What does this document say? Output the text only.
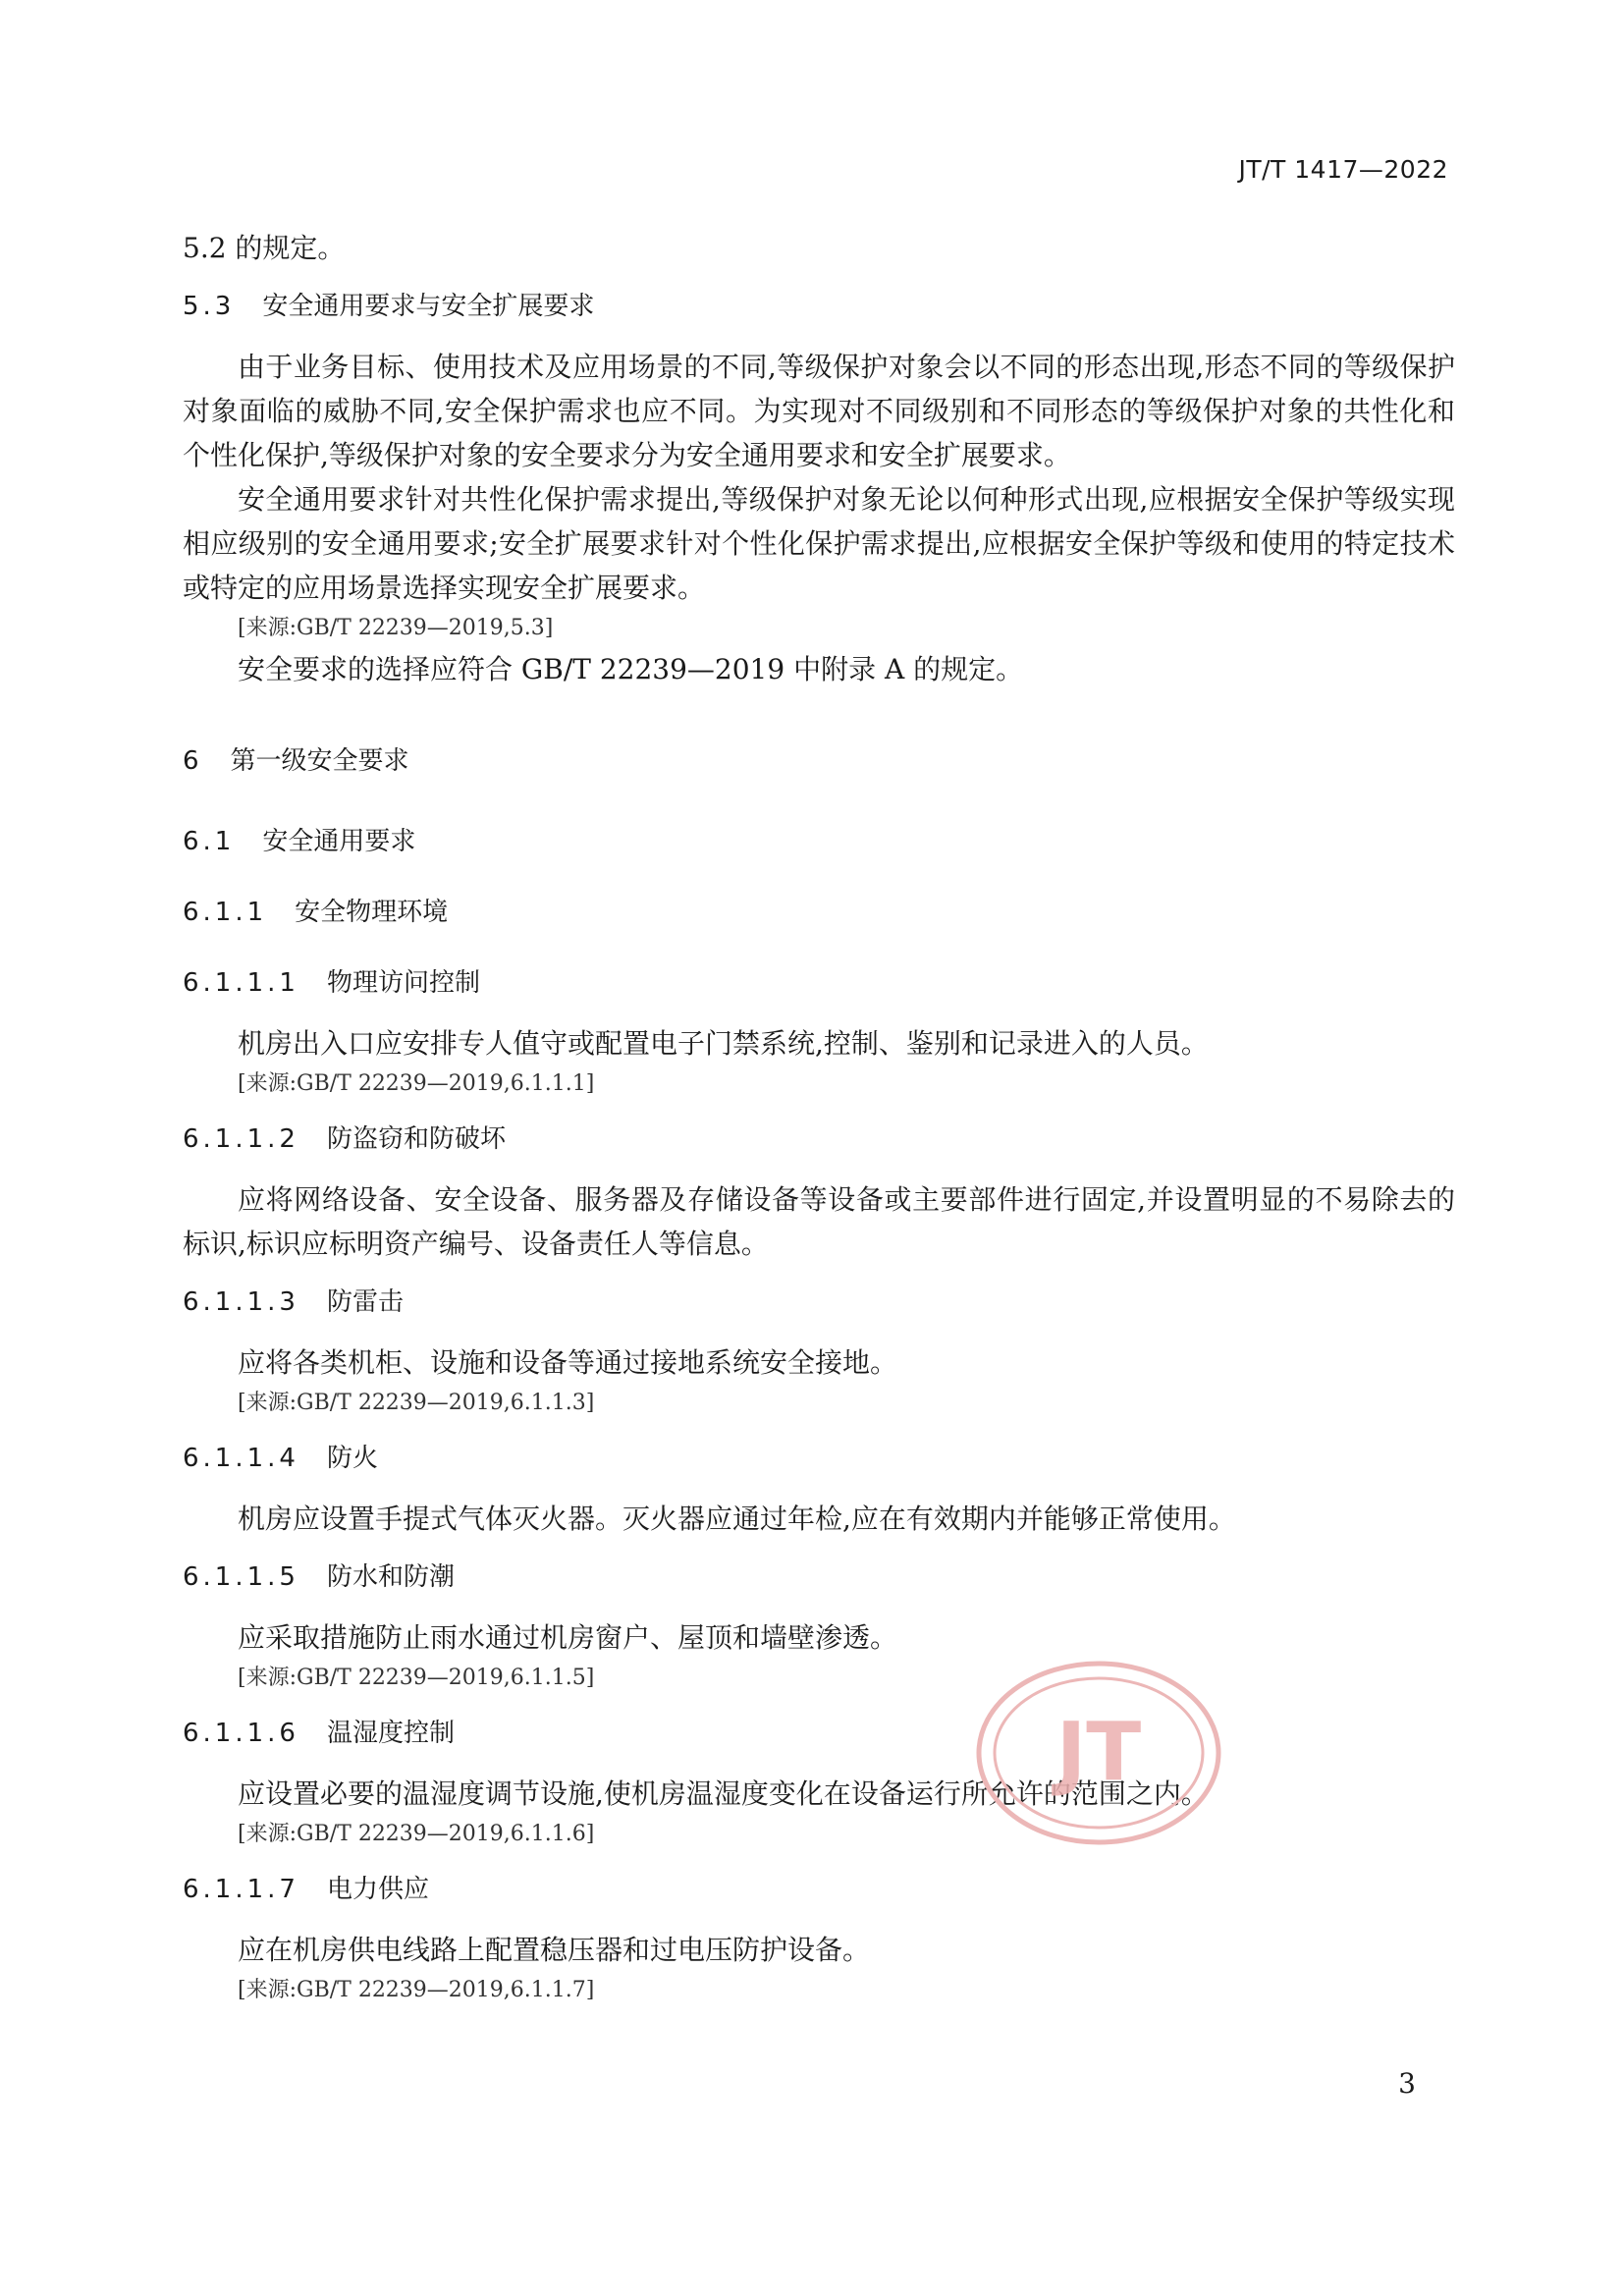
JT/T 1417—2022

5.2 的规定。

5.3 安全通用要求与安全扩展要求

由于业务目标、使用技术及应用场景的不同,等级保护对象会以不同的形态出现,形态不同的等级保护对象面临的威胁不同,安全保护需求也应不同。为实现对不同级别和不同形态的等级保护对象的共性化和个性化保护,等级保护对象的安全要求分为安全通用要求和安全扩展要求。

安全通用要求针对共性化保护需求提出,等级保护对象无论以何种形式出现,应根据安全保护等级实现相应级别的安全通用要求;安全扩展要求针对个性化保护需求提出,应根据安全保护等级和使用的特定技术或特定的应用场景选择实现安全扩展要求。

[来源:GB/T 22239—2019,5.3]

安全要求的选择应符合 GB/T 22239—2019 中附录 A 的规定。

6 第一级安全要求
6.1 安全通用要求
6.1.1 安全物理环境
6.1.1.1 物理访问控制

机房出入口应安排专人值守或配置电子门禁系统,控制、鉴别和记录进入的人员。

[来源:GB/T 22239—2019,6.1.1.1]

6.1.1.2 防盗窃和防破坏

应将网络设备、安全设备、服务器及存储设备等设备或主要部件进行固定,并设置明显的不易除去的标识,标识应标明资产编号、设备责任人等信息。

6.1.1.3 防雷击

应将各类机柜、设施和设备等通过接地系统安全接地。

[来源:GB/T 22239—2019,6.1.1.3]

6.1.1.4 防火

机房应设置手提式气体灭火器。灭火器应通过年检,应在有效期内并能够正常使用。

6.1.1.5 防水和防潮

应采取措施防止雨水通过机房窗户、屋顶和墙壁渗透。

[来源:GB/T 22239—2019,6.1.1.5]

6.1.1.6 温湿度控制

应设置必要的温湿度调节设施,使机房温湿度变化在设备运行所允许的范围之内。

[来源:GB/T 22239—2019,6.1.1.6]

6.1.1.7 电力供应

应在机房供电线路上配置稳压器和过电压防护设备。

[来源:GB/T 22239—2019,6.1.1.7]

JT
3
